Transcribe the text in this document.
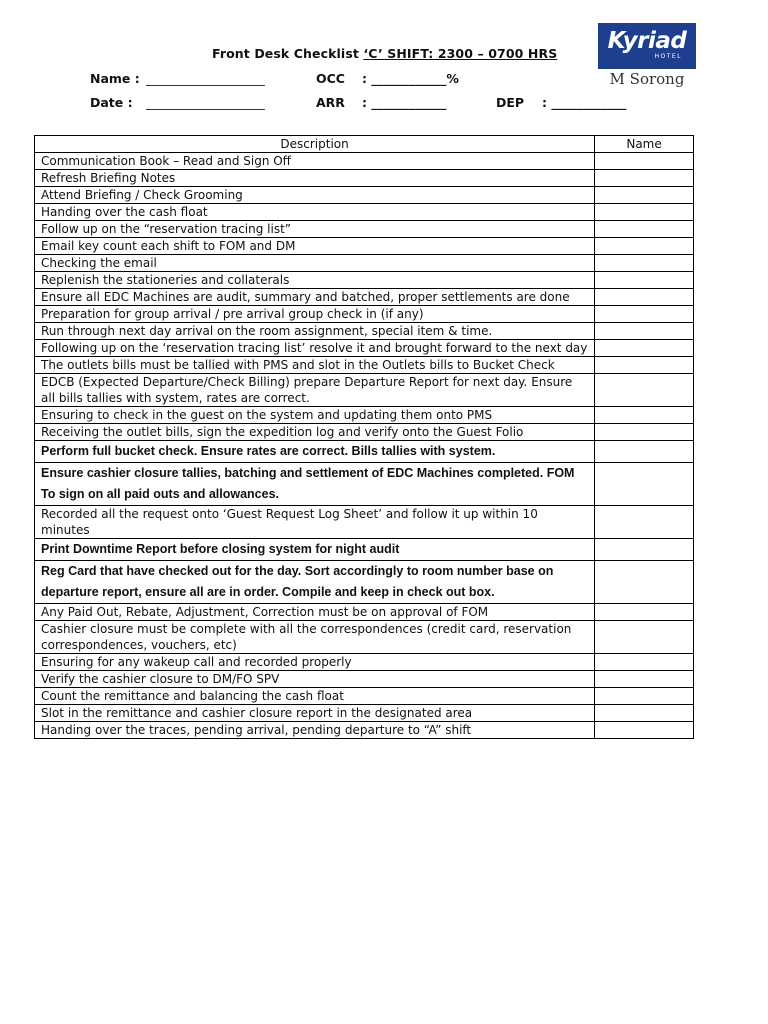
Front Desk Checklist ‘C’ SHIFT: 2300 – 0700 HRS
Name : ___________________	OCC : ____________%
Date : ___________________	ARR : ____________	DEP : ____________
Kyriad
HOTEL
M Sorong
Description	Name
Communication Book – Read and Sign Off	
Refresh Briefing Notes	
Attend Briefing / Check Grooming	
Handing over the cash float	
Follow up on the “reservation tracing list”	
Email key count each shift to FOM and DM	
Checking the email	
Replenish the stationeries and collaterals	
Ensure all EDC Machines are audit, summary and batched, proper settlements are done	
Preparation for group arrival / pre arrival group check in (if any)	
Run through next day arrival on the room assignment, special item & time.	
Following up on the ‘reservation tracing list’ resolve it and brought forward to the next day	
The outlets bills must be tallied with PMS and slot in the Outlets bills to Bucket Check	
EDCB (Expected Departure/Check Billing) prepare Departure Report for next day. Ensure all bills tallies with system, rates are correct.	
Ensuring to check in the guest on the system and updating them onto PMS	
Receiving the outlet bills, sign the expedition log and verify onto the Guest Folio	
Perform full bucket check. Ensure rates are correct. Bills tallies with system.	
Ensure cashier closure tallies, batching and settlement of EDC Machines completed. FOM To sign on all paid outs and allowances.	
Recorded all the request onto ‘Guest Request Log Sheet’ and follow it up within 10 minutes	
Print Downtime Report before closing system for night audit	
Reg Card that have checked out for the day. Sort accordingly to room number base on departure report, ensure all are in order. Compile and keep in check out box.	
Any Paid Out, Rebate, Adjustment, Correction must be on approval of FOM	
Cashier closure must be complete with all the correspondences (credit card, reservation correspondences, vouchers, etc)	
Ensuring for any wakeup call and recorded properly	
Verify the cashier closure to DM/FO SPV	
Count the remittance and balancing the cash float	
Slot in the remittance and cashier closure report in the designated area	
Handing over the traces, pending arrival, pending departure to “A” shift	
